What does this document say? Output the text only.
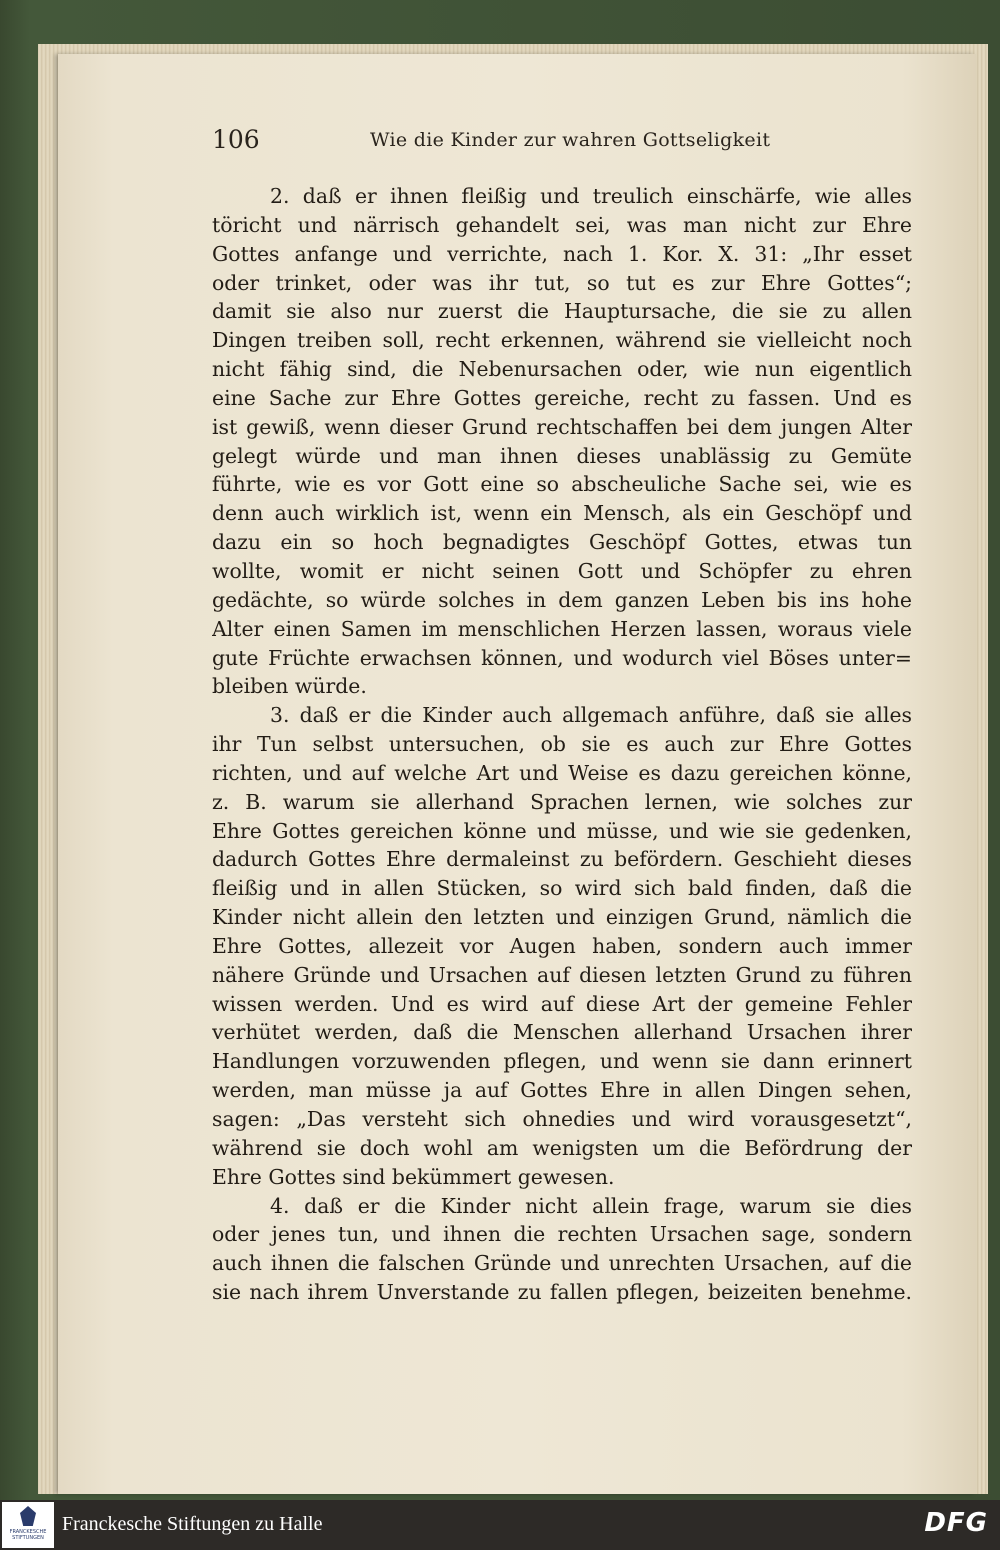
106	Wie die Kinder zur wahren Gottseligkeit
2. daß er ihnen fleißig und treulich einschärfe, wie alles
töricht und närrisch gehandelt sei, was man nicht zur Ehre
Gottes anfange und verrichte, nach 1. Kor. X. 31: „Ihr esset
oder trinket, oder was ihr tut, so tut es zur Ehre Gottes“;
damit sie also nur zuerst die Hauptursache, die sie zu allen
Dingen treiben soll, recht erkennen, während sie vielleicht noch
nicht fähig sind, die Nebenursachen oder, wie nun eigentlich
eine Sache zur Ehre Gottes gereiche, recht zu fassen. Und es
ist gewiß, wenn dieser Grund rechtschaffen bei dem jungen Alter
gelegt würde und man ihnen dieses unablässig zu Gemüte
führte, wie es vor Gott eine so abscheuliche Sache sei, wie es
denn auch wirklich ist, wenn ein Mensch, als ein Geschöpf und
dazu ein so hoch begnadigtes Geschöpf Gottes, etwas tun
wollte, womit er nicht seinen Gott und Schöpfer zu ehren
gedächte, so würde solches in dem ganzen Leben bis ins hohe
Alter einen Samen im menschlichen Herzen lassen, woraus viele
gute Früchte erwachsen können, und wodurch viel Böses unter=
bleiben würde.
3. daß er die Kinder auch allgemach anführe, daß sie alles
ihr Tun selbst untersuchen, ob sie es auch zur Ehre Gottes
richten, und auf welche Art und Weise es dazu gereichen könne,
z. B. warum sie allerhand Sprachen lernen, wie solches zur
Ehre Gottes gereichen könne und müsse, und wie sie gedenken,
dadurch Gottes Ehre dermaleinst zu befördern. Geschieht dieses
fleißig und in allen Stücken, so wird sich bald finden, daß die
Kinder nicht allein den letzten und einzigen Grund, nämlich die
Ehre Gottes, allezeit vor Augen haben, sondern auch immer
nähere Gründe und Ursachen auf diesen letzten Grund zu führen
wissen werden. Und es wird auf diese Art der gemeine Fehler
verhütet werden, daß die Menschen allerhand Ursachen ihrer
Handlungen vorzuwenden pflegen, und wenn sie dann erinnert
werden, man müsse ja auf Gottes Ehre in allen Dingen sehen,
sagen: „Das versteht sich ohnedies und wird vorausgesetzt“,
während sie doch wohl am wenigsten um die Befördrung der
Ehre Gottes sind bekümmert gewesen.
4. daß er die Kinder nicht allein frage, warum sie dies
oder jenes tun, und ihnen die rechten Ursachen sage, sondern
auch ihnen die falschen Gründe und unrechten Ursachen, auf die
sie nach ihrem Unverstande zu fallen pflegen, beizeiten benehme.
FRANCKESCHE STIFTUNGEN
Franckesche Stiftungen zu Halle	DFG
